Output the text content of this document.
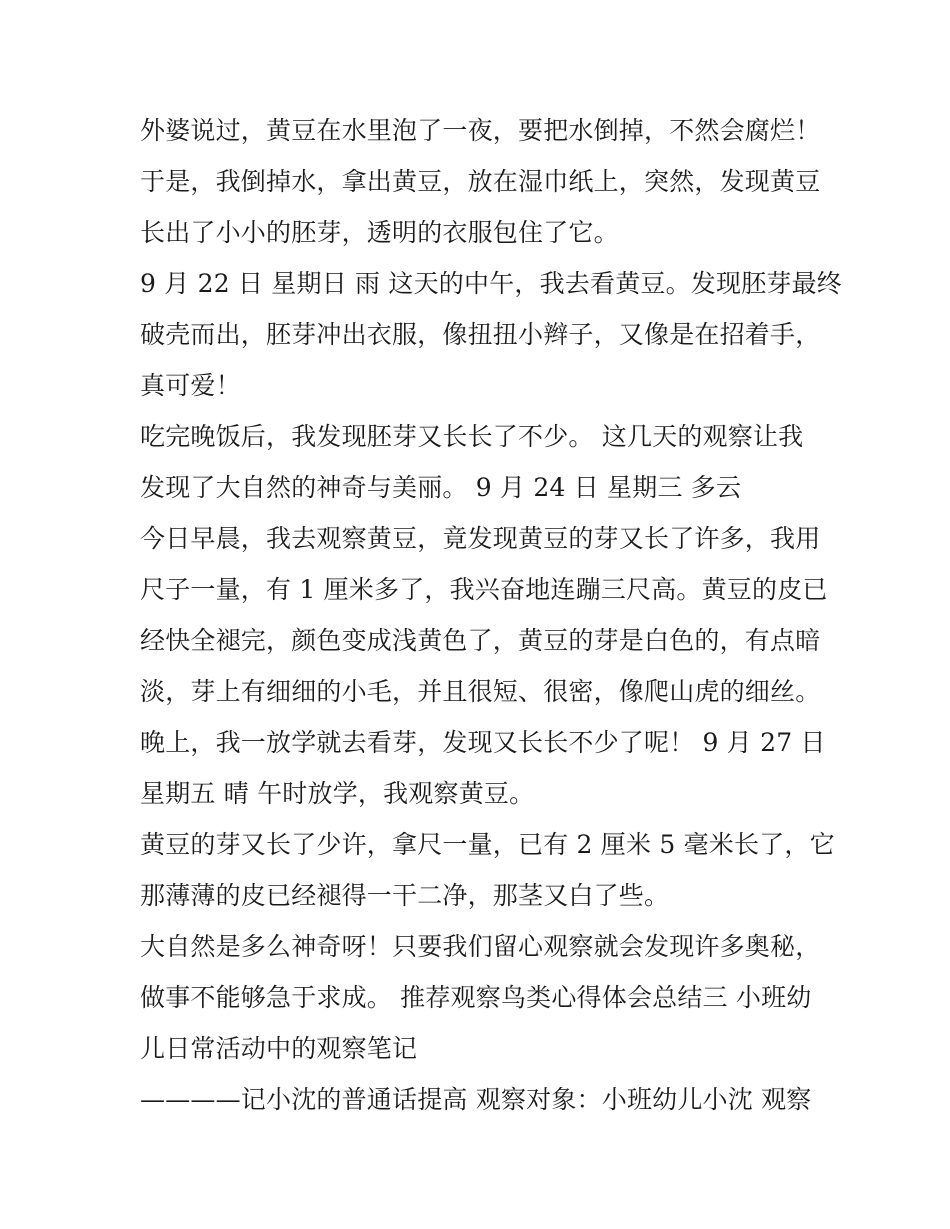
外婆说过，黄豆在水里泡了一夜，要把水倒掉，不然会腐烂！
于是，我倒掉水，拿出黄豆，放在湿巾纸上，突然，发现黄豆
长出了小小的胚芽，透明的衣服包住了它。
9 月 22 日 星期日 雨 这天的中午，我去看黄豆。发现胚芽最终
破壳而出，胚芽冲出衣服，像扭扭小辫子，又像是在招着手，
真可爱！
吃完晚饭后，我发现胚芽又长长了不少。 这几天的观察让我
发现了大自然的神奇与美丽。 9 月 24 日 星期三 多云
今日早晨，我去观察黄豆，竟发现黄豆的芽又长了许多，我用
尺子一量，有 1 厘米多了，我兴奋地连蹦三尺高。黄豆的皮已
经快全褪完，颜色变成浅黄色了，黄豆的芽是白色的，有点暗
淡，芽上有细细的小毛，并且很短、很密，像爬山虎的细丝。
晚上，我一放学就去看芽，发现又长长不少了呢！ 9 月 27 日
星期五 晴 午时放学，我观察黄豆。
黄豆的芽又长了少许，拿尺一量，已有 2 厘米 5 毫米长了，它
那薄薄的皮已经褪得一干二净，那茎又白了些。
大自然是多么神奇呀！只要我们留心观察就会发现许多奥秘，
做事不能够急于求成。 推荐观察鸟类心得体会总结三 小班幼
儿日常活动中的观察笔记
————记小沈的普通话提高 观察对象：小班幼儿小沈 观察
